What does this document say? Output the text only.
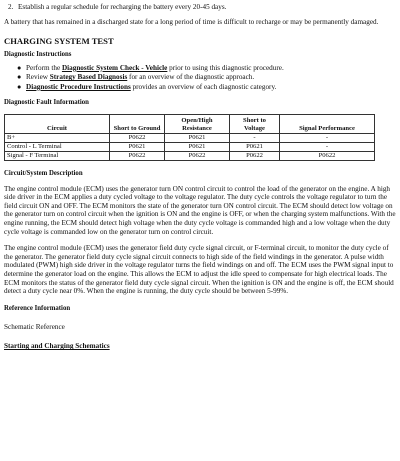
2. Establish a regular schedule for recharging the battery every 20-45 days.

A battery that has remained in a discharged state for a long period of time is difficult to recharge or may be permanently damaged.

CHARGING SYSTEM TEST
Diagnostic Instructions
● Perform the Diagnostic System Check - Vehicle prior to using this diagnostic procedure.
● Review Strategy Based Diagnosis for an overview of the diagnostic approach.
● Diagnostic Procedure Instructions provides an overview of each diagnostic category.
Diagnostic Fault Information
Circuit	Short to Ground	Open/High Resistance	Short to Voltage	Signal Performance
B+	P0622	P0621	-	-
Control - L Terminal	P0621	P0621	P0621	-
Signal - F Terminal	P0622	P0622	P0622	P0622
Circuit/System Description

The engine control module (ECM) uses the generator turn ON control circuit to control the load of the generator on the engine. A high side driver in the ECM applies a duty cycled voltage to the voltage regulator. The duty cycle controls the voltage regulator to turn the field circuit ON and OFF. The ECM monitors the state of the generator turn ON control circuit. The ECM should detect low voltage on the generator turn on control circuit when the ignition is ON and the engine is OFF, or when the charging system malfunctions. With the engine running, the ECM should detect high voltage when the duty cycle voltage is commanded high and a low voltage when the duty cycle voltage is commanded low on the generator turn on control circuit.

The engine control module (ECM) uses the generator field duty cycle signal circuit, or F-terminal circuit, to monitor the duty cycle of the generator. The generator field duty cycle signal circuit connects to high side of the field windings in the generator. A pulse width modulated (PWM) high side driver in the voltage regulator turns the field windings on and off. The ECM uses the PWM signal input to determine the generator load on the engine. This allows the ECM to adjust the idle speed to compensate for high electrical loads. The ECM monitors the status of the generator field duty cycle signal circuit. When the ignition is ON and the engine is off, the ECM should detect a duty cycle near 0%. When the engine is running, the duty cycle should be between 5-99%.

Reference Information

Schematic Reference

Starting and Charging Schematics
